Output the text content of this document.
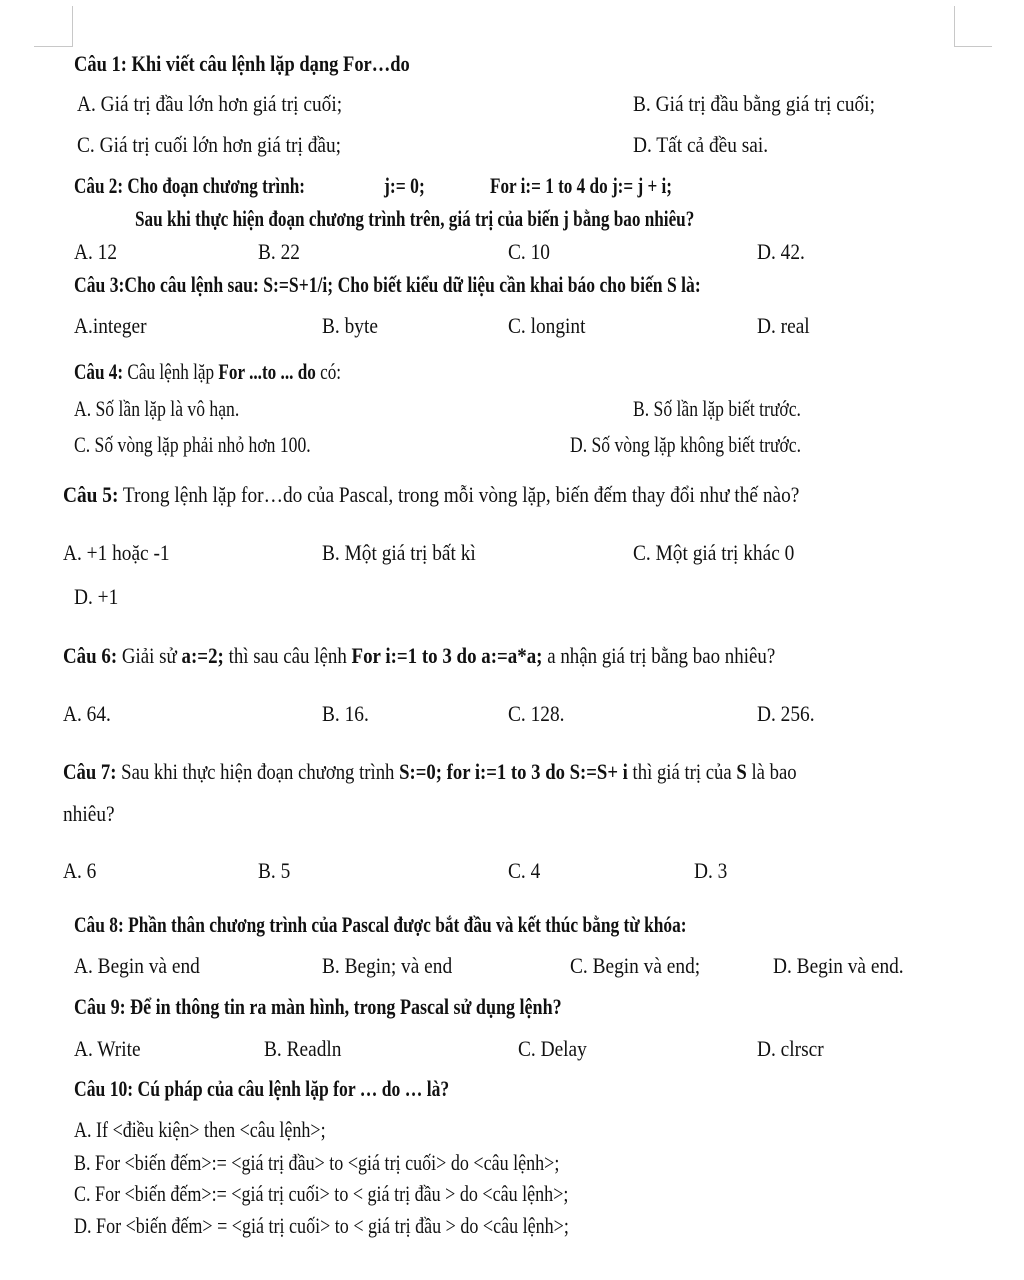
Câu 1: Khi viết câu lệnh lặp dạng For…do
A. Giá trị đầu lớn hơn giá trị cuối;	B. Giá trị đầu bằng giá trị cuối;
C. Giá trị cuối lớn hơn giá trị đầu;	D. Tất cả đều sai.
Câu 2: Cho đoạn chương trình:	j:= 0;	For i:= 1 to 4 do j:= j + i;
Sau khi thực hiện đoạn chương trình trên, giá trị của biến j bằng bao nhiêu?
A. 12	B. 22	C. 10	D. 42.
Câu 3:Cho câu lệnh sau: S:=S+1/i; Cho biết kiểu dữ liệu cần khai báo cho biến S là:
A.integer	B. byte	C. longint	D. real
Câu 4: Câu lệnh lặp For ...to ... do có:
A. Số lần lặp là vô hạn.	B. Số lần lặp biết trước.
C. Số vòng lặp phải nhỏ hơn 100.	D. Số vòng lặp không biết trước.
Câu 5: Trong lệnh lặp for…do của Pascal, trong mỗi vòng lặp, biến đếm thay đổi như thế nào?
A. +1 hoặc -1	B. Một giá trị bất kì	C. Một giá trị khác 0
D. +1
Câu 6: Giải sử a:=2; thì sau câu lệnh For i:=1 to 3 do a:=a*a; a nhận giá trị bằng bao nhiêu?
A. 64.	B. 16.	C. 128.	D. 256.
Câu 7: Sau khi thực hiện đoạn chương trình S:=0; for i:=1 to 3 do S:=S+ i thì giá trị của S là bao
nhiêu?
A. 6	B. 5	C. 4	D. 3
Câu 8: Phần thân chương trình của Pascal được bắt đầu và kết thúc bằng từ khóa:
A. Begin và end	B. Begin; và end	C. Begin và end;	D. Begin và end.
Câu 9: Để in thông tin ra màn hình, trong Pascal sử dụng lệnh?
A. Write	B. Readln	C. Delay	D. clrscr
Câu 10: Cú pháp của câu lệnh lặp for … do … là?
A. If <điều kiện> then <câu lệnh>;
B. For <biến đếm>:= <giá trị đầu> to <giá trị cuối> do <câu lệnh>;
C. For <biến đếm>:= <giá trị cuối> to < giá trị đầu > do <câu lệnh>;
D. For <biến đếm> = <giá trị cuối> to < giá trị đầu > do <câu lệnh>;
